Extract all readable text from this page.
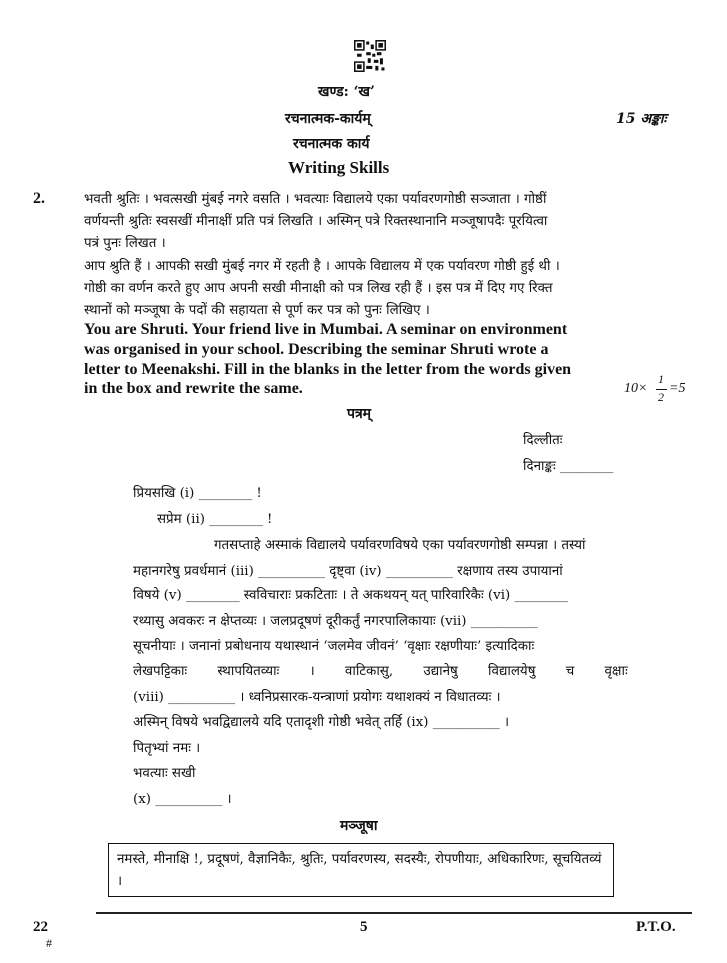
खण्ड: ‘ख’
रचनात्मक-कार्यम्	15 अङ्काः
रचनात्मक कार्य
Writing Skills
2.	भवती श्रुतिः । भवत्सखी मुंबई नगरे वसति । भवत्याः विद्यालये एका पर्यावरणगोष्ठी सञ्जाता । गोष्ठीं
वर्णयन्ती श्रुतिः स्वसखीं मीनाक्षीं प्रति पत्रं लिखति । अस्मिन् पत्रे रिक्तस्थानानि मञ्जूषापदैः पूरयित्वा
पत्रं पुनः लिखत ।
आप श्रुति हैं । आपकी सखी मुंबई नगर में रहती है । आपके विद्यालय में एक पर्यावरण गोष्ठी हुई थी ।
गोष्ठी का वर्णन करते हुए आप अपनी सखी मीनाक्षी को पत्र लिख रही हैं । इस पत्र में दिए गए रिक्त
स्थानों को मञ्जूषा के पदों की सहायता से पूर्ण कर पत्र को पुनः लिखिए ।
You are Shruti. Your friend live in Mumbai. A seminar on environment
was organised in your school. Describing the seminar Shruti wrote a
letter to Meenakshi. Fill in the blanks in the letter from the words given
in the box and rewrite the same.	10×
1
2
=5
पत्रम्
दिल्लीतः
दिनाङ्कः ________
प्रियसखि (i) ________ !
सप्रेम (ii) ________ !
गतसप्ताहे अस्माकं विद्यालये पर्यावरणविषये एका पर्यावरणगोष्ठी सम्पन्ना । तस्यां
महानगरेषु प्रवर्धमानं (iii) __________ दृष्ट्वा (iv) __________ रक्षणाय तस्य उपायानां
विषये (v) ________ स्वविचाराः प्रकटिताः । ते अकथयन् यत् पारिवारिकैः (vi) ________
रथ्यासु अवकरः न क्षेप्तव्यः । जलप्रदूषणं दूरीकर्तुं नगरपालिकायाः (vii) __________
सूचनीयाः । जनानां प्रबोधनाय यथास्थानं ‘जलमेव जीवनं’ ‘वृक्षाः रक्षणीयाः’ इत्यादिकाः
लेखपट्टिकाः स्थापयितव्याः । वाटिकासु, उद्यानेषु विद्यालयेषु च वृक्षाः
(viii) __________ । ध्वनिप्रसारक-यन्त्राणां प्रयोगः यथाशक्यं न विधातव्यः ।
अस्मिन् विषये भवद्विद्यालये यदि एतादृशी गोष्ठी भवेत् तर्हि (ix) __________ ।
पितृभ्यां नमः ।
भवत्याः सखी
(x) __________ ।
मञ्जूषा
नमस्ते, मीनाक्षि !, प्रदूषणं, वैज्ञानिकैः, श्रुतिः, पर्यावरणस्य, सदस्यैः, रोपणीयाः, अधिकारिणः, सूचयितव्यं ।
22
#
5	P.T.O.
